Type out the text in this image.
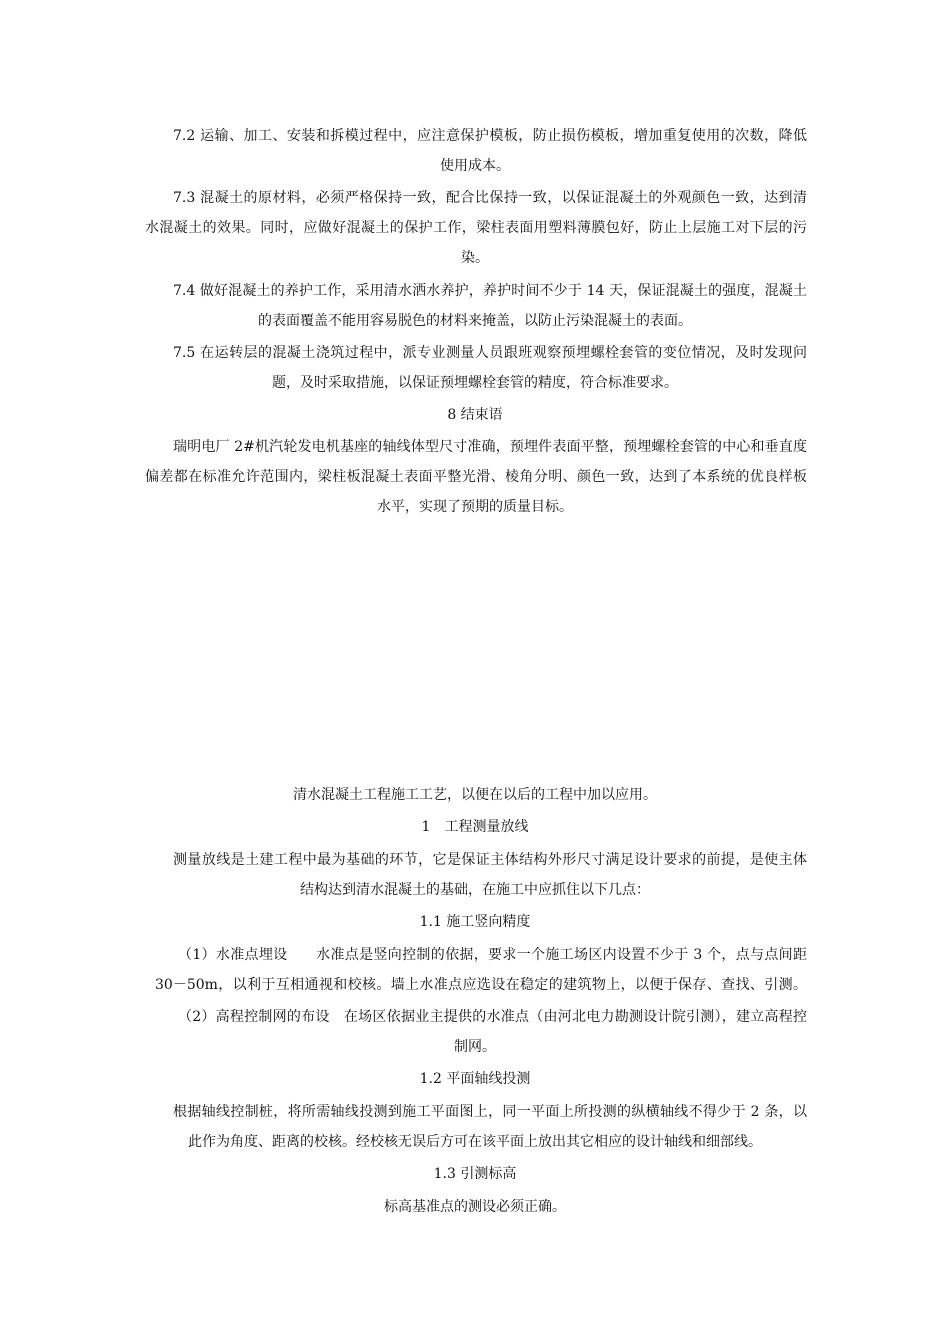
7.2 运输、加工、安装和拆模过程中，应注意保护模板，防止损伤模板，增加重复使用的次数，降低
使用成本。
7.3 混凝土的原材料，必须严格保持一致，配合比保持一致，以保证混凝土的外观颜色一致，达到清
水混凝土的效果。同时，应做好混凝土的保护工作，梁柱表面用塑料薄膜包好，防止上层施工对下层的污
染。
7.4 做好混凝土的养护工作，采用清水洒水养护，养护时间不少于 14 天，保证混凝土的强度，混凝土
的表面覆盖不能用容易脱色的材料来掩盖，以防止污染混凝土的表面。
7.5 在运转层的混凝土浇筑过程中，派专业测量人员跟班观察预埋螺栓套管的变位情况，及时发现问
题，及时采取措施，以保证预埋螺栓套管的精度，符合标准要求。
8 结束语
瑞明电厂 2#机汽轮发电机基座的轴线体型尺寸准确，预埋件表面平整，预埋螺栓套管的中心和垂直度
偏差都在标准允许范围内，梁柱板混凝土表面平整光滑、棱角分明、颜色一致，达到了本系统的优良样板
水平，实现了预期的质量目标。
清水混凝土工程施工工艺，以便在以后的工程中加以应用。
1　工程测量放线
测量放线是土建工程中最为基础的环节，它是保证主体结构外形尺寸满足设计要求的前提，是使主体
结构达到清水混凝土的基础，在施工中应抓住以下几点：
1.1 施工竖向精度
（1）水准点埋设　　水准点是竖向控制的依据，要求一个施工场区内设置不少于 3 个，点与点间距
30－50m，以利于互相通视和校核。墙上水准点应选设在稳定的建筑物上，以便于保存、查找、引测。
（2）高程控制网的布设　在场区依据业主提供的水准点（由河北电力勘测设计院引测），建立高程控
制网。
1.2 平面轴线投测
根据轴线控制桩，将所需轴线投测到施工平面图上，同一平面上所投测的纵横轴线不得少于 2 条，以
此作为角度、距离的校核。经校核无误后方可在该平面上放出其它相应的设计轴线和细部线。
1.3 引测标高
标高基准点的测设必须正确。
